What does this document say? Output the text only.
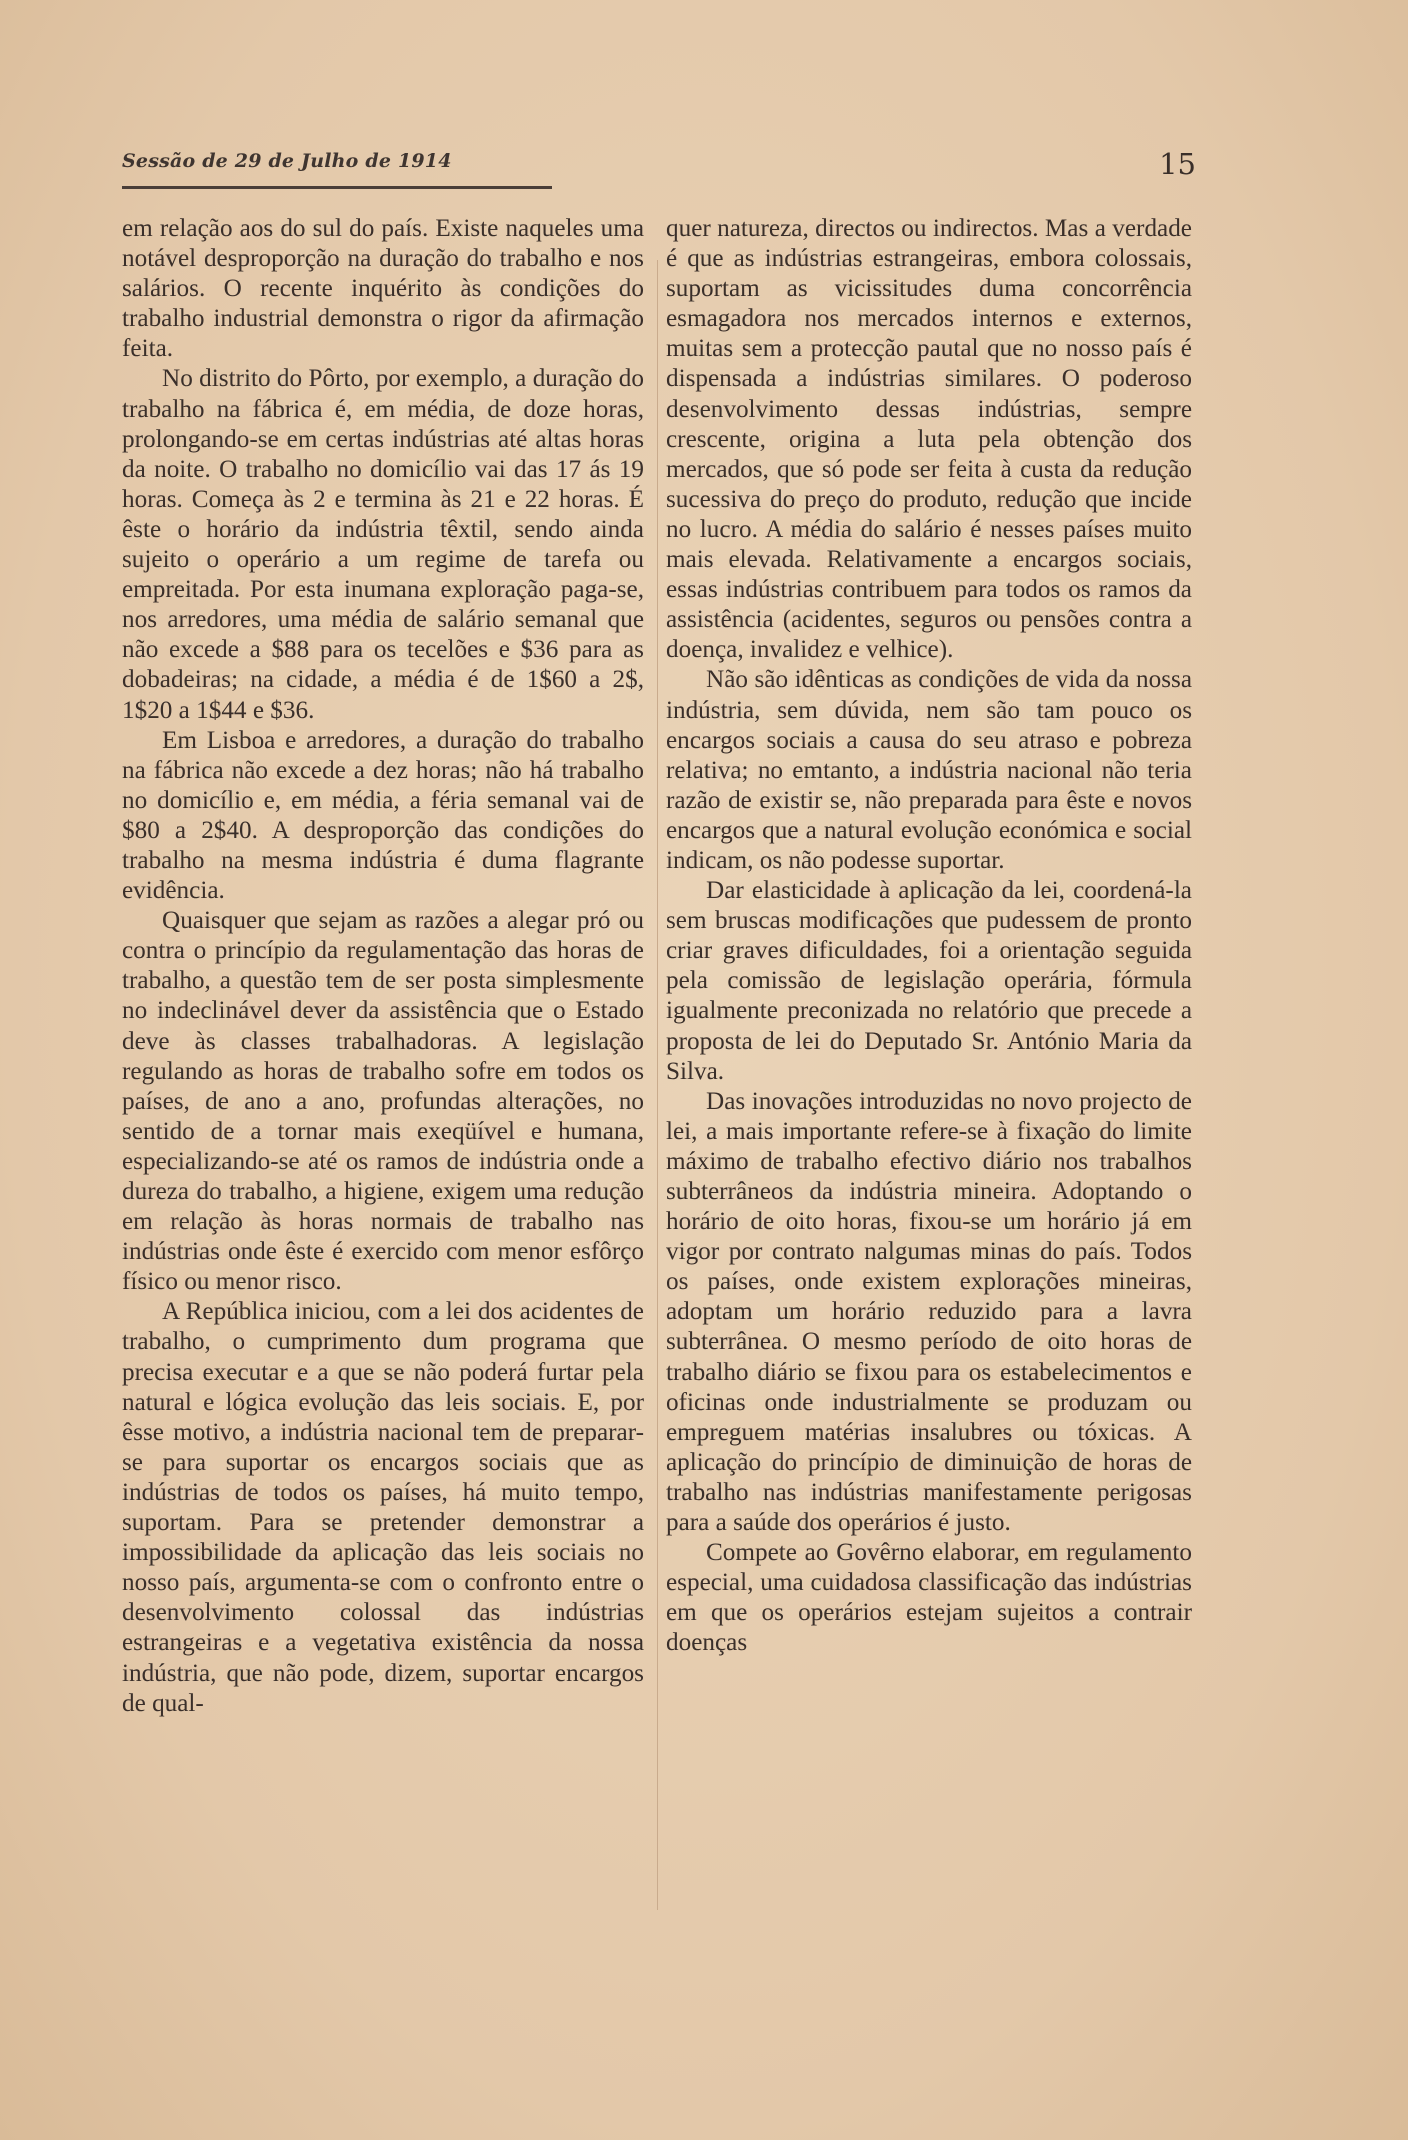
Sessão de 29 de Julho de 1914	15

em relação aos do sul do país. Existe naqueles uma notável desproporção na duração do trabalho e nos salários. O recente inquérito às condições do trabalho industrial demonstra o rigor da afirmação feita.

No distrito do Pôrto, por exemplo, a duração do trabalho na fábrica é, em média, de doze horas, prolongando-se em certas indústrias até altas horas da noite. O trabalho no domicílio vai das 17 ás 19 horas. Começa às 2 e termina às 21 e 22 horas. É êste o horário da indústria têxtil, sendo ainda sujeito o operário a um regime de tarefa ou empreitada. Por esta inumana exploração paga-se, nos arredores, uma média de salário semanal que não excede a $88 para os tecelões e $36 para as dobadeiras; na cidade, a média é de 1$60 a 2$, 1$20 a 1$44 e $36.

Em Lisboa e arredores, a duração do trabalho na fábrica não excede a dez horas; não há trabalho no domicílio e, em média, a féria semanal vai de $80 a 2$40. A desproporção das condições do trabalho na mesma indústria é duma flagrante evidência.

Quaisquer que sejam as razões a alegar pró ou contra o princípio da regulamentação das horas de trabalho, a questão tem de ser posta simplesmente no indeclinável dever da assistência que o Estado deve às classes trabalhadoras. A legislação regulando as horas de trabalho sofre em todos os países, de ano a ano, profundas alterações, no sentido de a tornar mais exeqüível e humana, especializando-se até os ramos de indústria onde a dureza do trabalho, a higiene, exigem uma redução em relação às horas normais de trabalho nas indústrias onde êste é exercido com menor esfôrço físico ou menor risco.

A República iniciou, com a lei dos acidentes de trabalho, o cumprimento dum programa que precisa executar e a que se não poderá furtar pela natural e lógica evolução das leis sociais. E, por êsse motivo, a indústria nacional tem de preparar-se para suportar os encargos sociais que as indústrias de todos os países, há muito tempo, suportam. Para se pretender demonstrar a impossibilidade da aplicação das leis sociais no nosso país, argumenta-se com o confronto entre o desenvolvimento colossal das indústrias estrangeiras e a vegetativa existência da nossa indústria, que não pode, dizem, suportar encargos de qual-

quer natureza, directos ou indirectos. Mas a verdade é que as indústrias estrangeiras, embora colossais, suportam as vicissitudes duma concorrência esmagadora nos mercados internos e externos, muitas sem a protecção pautal que no nosso país é dispensada a indústrias similares. O poderoso desenvolvimento dessas indústrias, sempre crescente, origina a luta pela obtenção dos mercados, que só pode ser feita à custa da redução sucessiva do preço do produto, redução que incide no lucro. A média do salário é nesses países muito mais elevada. Relativamente a encargos sociais, essas indústrias contribuem para todos os ramos da assistência (acidentes, seguros ou pensões contra a doença, invalidez e velhice).

Não são idênticas as condições de vida da nossa indústria, sem dúvida, nem são tam pouco os encargos sociais a causa do seu atraso e pobreza relativa; no emtanto, a indústria nacional não teria razão de existir se, não preparada para êste e novos encargos que a natural evolução económica e social indicam, os não podesse suportar.

Dar elasticidade à aplicação da lei, coordená-la sem bruscas modificações que pudessem de pronto criar graves dificuldades, foi a orientação seguida pela comissão de legislação operária, fórmula igualmente preconizada no relatório que precede a proposta de lei do Deputado Sr. António Maria da Silva.

Das inovações introduzidas no novo projecto de lei, a mais importante refere-se à fixação do limite máximo de trabalho efectivo diário nos trabalhos subterrâneos da indústria mineira. Adoptando o horário de oito horas, fixou-se um horário já em vigor por contrato nalgumas minas do país. Todos os países, onde existem explorações mineiras, adoptam um horário reduzido para a lavra subterrânea. O mesmo período de oito horas de trabalho diário se fixou para os estabelecimentos e oficinas onde industrialmente se produzam ou empreguem matérias insalubres ou tóxicas. A aplicação do princípio de diminuição de horas de trabalho nas indústrias manifestamente perigosas para a saúde dos operários é justo.

Compete ao Govêrno elaborar, em regulamento especial, uma cuidadosa classificação das indústrias em que os operários estejam sujeitos a contrair doenças
